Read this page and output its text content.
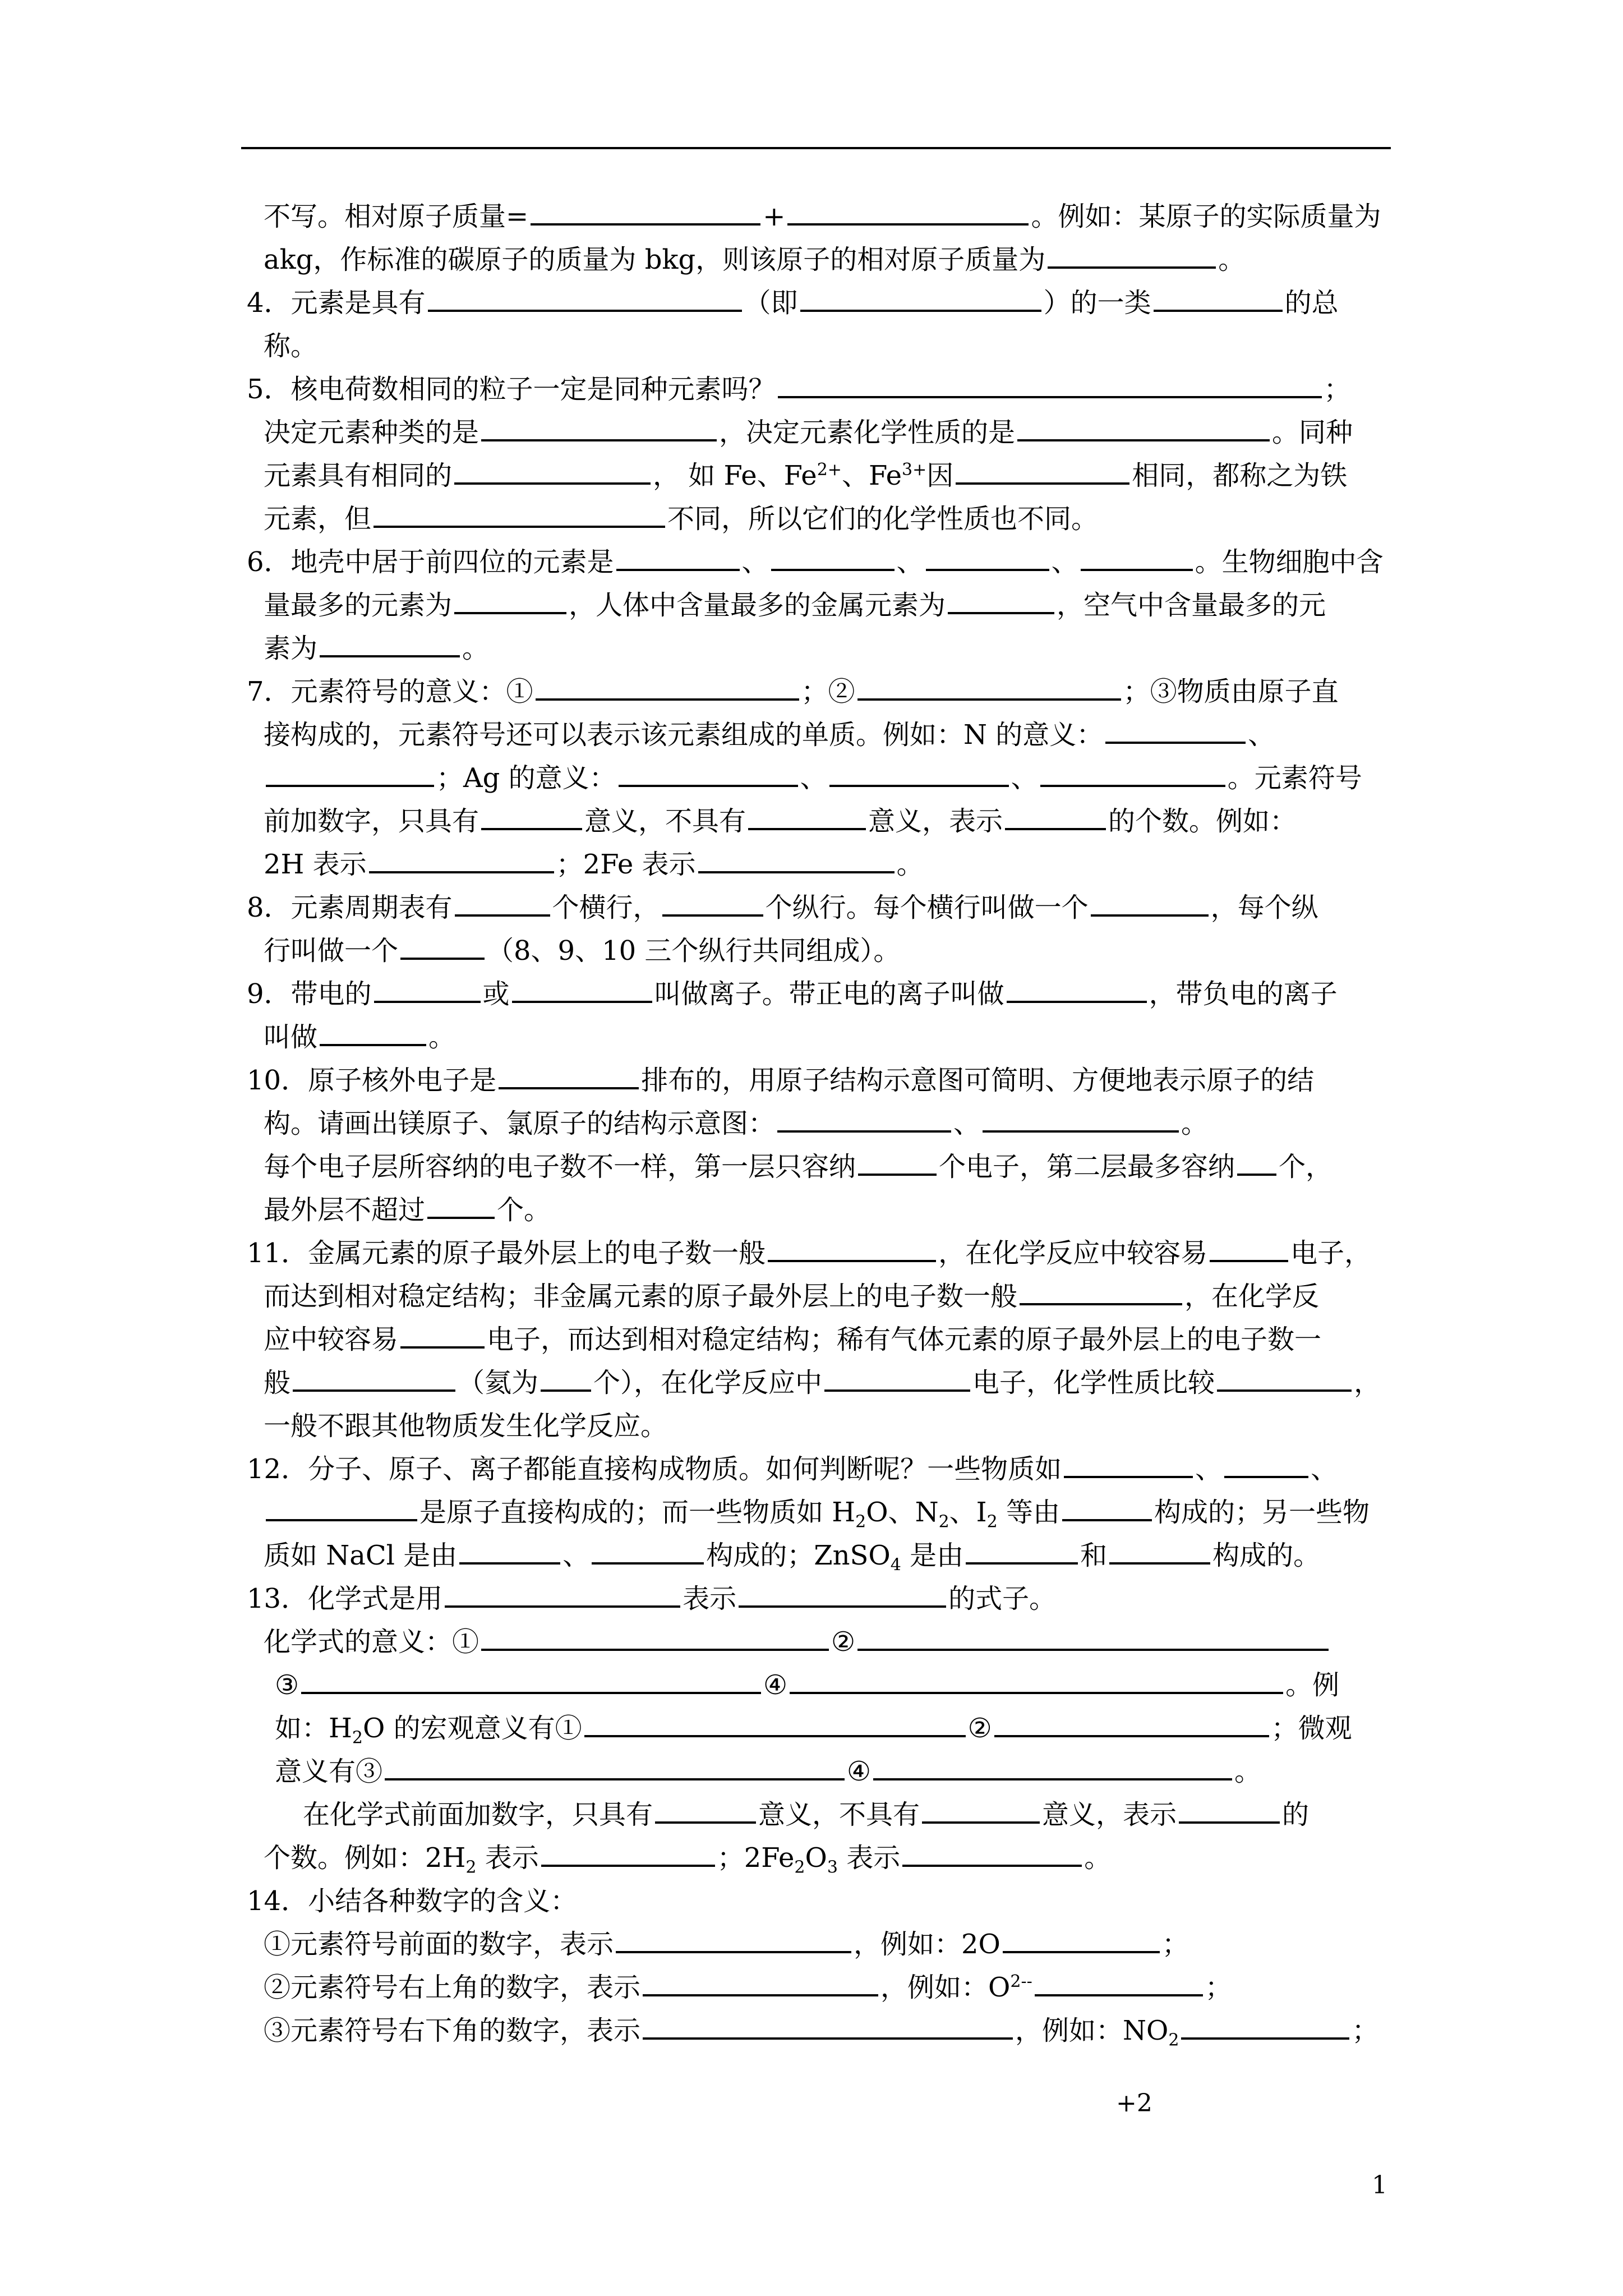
不写。相对原子质量=	+	。例如：某原子的实际质量为
akg，作标准的碳原子的质量为 bkg，则该原子的相对原子质量为	。
4．元素是具有	（即	）的一类	的总
称。
5．核电荷数相同的粒子一定是同种元素吗？	；
决定元素种类的是	，决定元素化学性质的是	。同种
元素具有相同的	， 如 Fe、$Fe^{2+}$、$Fe^{3+}$因	相同，都称之为铁
元素，但	不同，所以它们的化学性质也不同。
6．地壳中居于前四位的元素是	、	、	、	。生物细胞中含
量最多的元素为	，人体中含量最多的金属元素为	，空气中含量最多的元
素为	。
7．元素符号的意义：①	；②	；③物质由原子直
接构成的，元素符号还可以表示该元素组成的单质。例如：N 的意义：	、
；Ag 的意义：	、	、	。元素符号
前加数字，只具有	意义，不具有	意义，表示	的个数。例如：
2H 表示	；2Fe 表示	。
8．元素周期表有	个横行，	个纵行。每个横行叫做一个	，每个纵
行叫做一个	（8、9、10 三个纵行共同组成）。
9．带电的	或	叫做离子。带正电的离子叫做	，带负电的离子
叫做	。
10．原子核外电子是	排布的，用原子结构示意图可简明、方便地表示原子的结
构。请画出镁原子、氯原子的结构示意图：	、	。
每个电子层所容纳的电子数不一样，第一层只容纳	个电子，第二层最多容纳 个，
最外层不超过	个。
11．金属元素的原子最外层上的电子数一般	，在化学反应中较容易	电子，
而达到相对稳定结构；非金属元素的原子最外层上的电子数一般	，在化学反
应中较容易	电子，而达到相对稳定结构；稀有气体元素的原子最外层上的电子数一
般	（氦为 个），在化学反应中	电子，化学性质比较	，
一般不跟其他物质发生化学反应。
12．分子、原子、离子都能直接构成物质。如何判断呢？一些物质如	、	、
是原子直接构成的；而一些物质如 $H_2O$、$N_2$、$I_2$ 等由	构成的；另一些物
质如 NaCl 是由	、	构成的；ZnSO$_4$ 是由	和	构成的。
13．化学式是用	表示	的式子。
化学式的意义：①	②
③	④	。例
如：$H_2O$ 的宏观意义有①	②	；微观
意义有③	④	。
在化学式前面加数字，只具有	意义，不具有	意义，表示	的
个数。例如：$2H_2$ 表示	；$2Fe_2O_3$ 表示	。
14．小结各种数字的含义：
①元素符号前面的数字，表示	，例如：2O	；
②元素符号右上角的数字，表示	，例如：$O^{2--}$	；
③元素符号右下角的数字，表示	，例如：$NO_2$	；
+2
1
